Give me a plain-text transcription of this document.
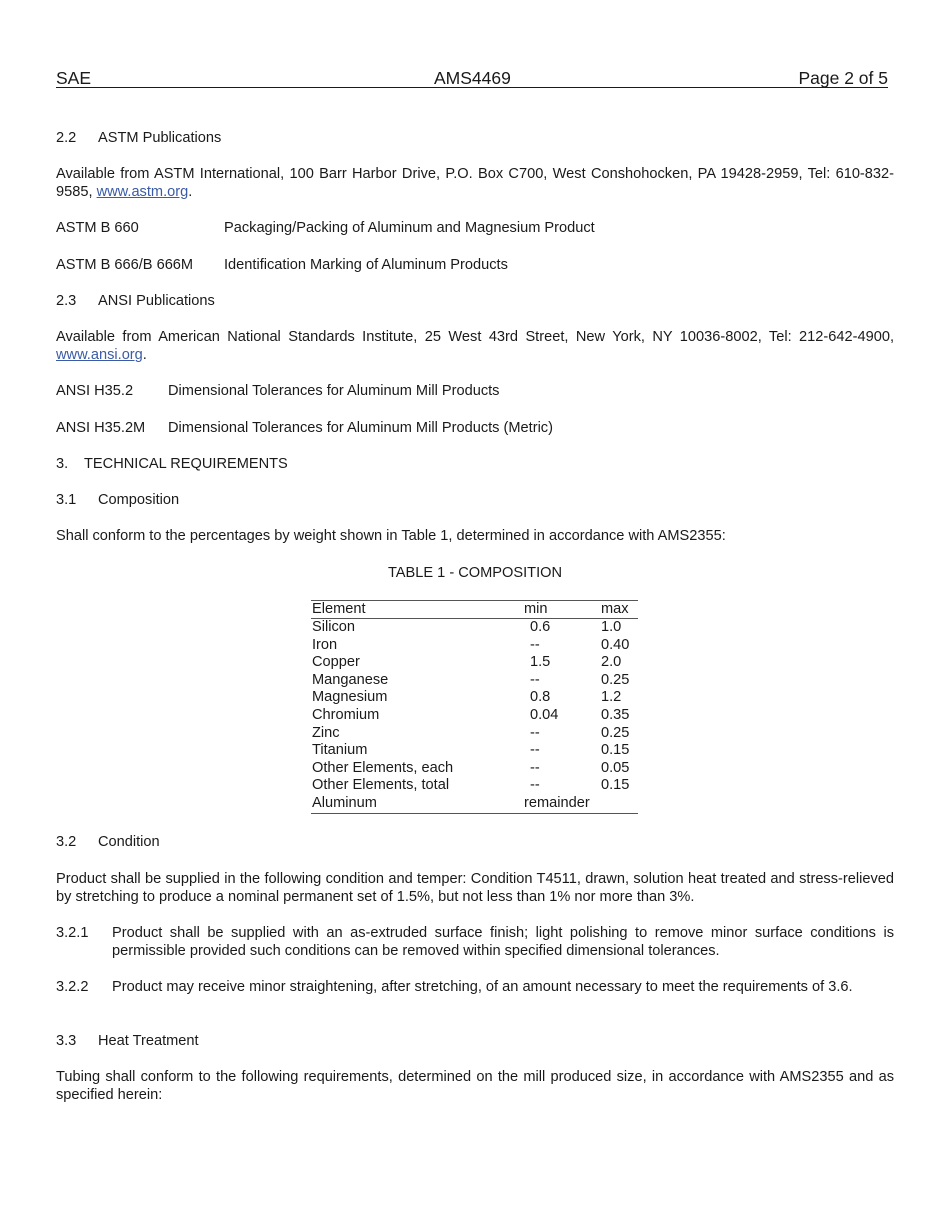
SAE	AMS4469	Page 2 of 5
2.2 ASTM Publications
Available from ASTM International, 100 Barr Harbor Drive, P.O. Box C700, West Conshohocken, PA 19428-2959, Tel: 610-832-9585, www.astm.org.
ASTM B 660	Packaging/Packing of Aluminum and Magnesium Product
ASTM B 666/B 666M Identification Marking of Aluminum Products
2.3 ANSI Publications
Available from American National Standards Institute, 25 West 43rd Street, New York, NY 10036-8002, Tel: 212-642-4900, www.ansi.org.
ANSI H35.2 Dimensional Tolerances for Aluminum Mill Products
ANSI H35.2M Dimensional Tolerances for Aluminum Mill Products (Metric)
3. TECHNICAL REQUIREMENTS
3.1 Composition
Shall conform to the percentages by weight shown in Table 1, determined in accordance with AMS2355:
TABLE 1 - COMPOSITION
Element	min	max
Silicon	0.6	1.0
Iron	--	0.40
Copper	1.5	2.0
Manganese	--	0.25
Magnesium	0.8	1.2
Chromium	0.04	0.35
Zinc	--	0.25
Titanium	--	0.15
Other Elements, each	--	0.05
Other Elements, total	--	0.15
Aluminum	remainder
3.2 Condition
Product shall be supplied in the following condition and temper: Condition T4511, drawn, solution heat treated and stress-relieved by stretching to produce a nominal permanent set of 1.5%, but not less than 1% nor more than 3%.
3.2.1 Product shall be supplied with an as-extruded surface finish; light polishing to remove minor surface conditions is permissible provided such conditions can be removed within specified dimensional tolerances.
3.2.2 Product may receive minor straightening, after stretching, of an amount necessary to meet the requirements of 3.6.
3.3 Heat Treatment
Tubing shall conform to the following requirements, determined on the mill produced size, in accordance with AMS2355 and as specified herein:
